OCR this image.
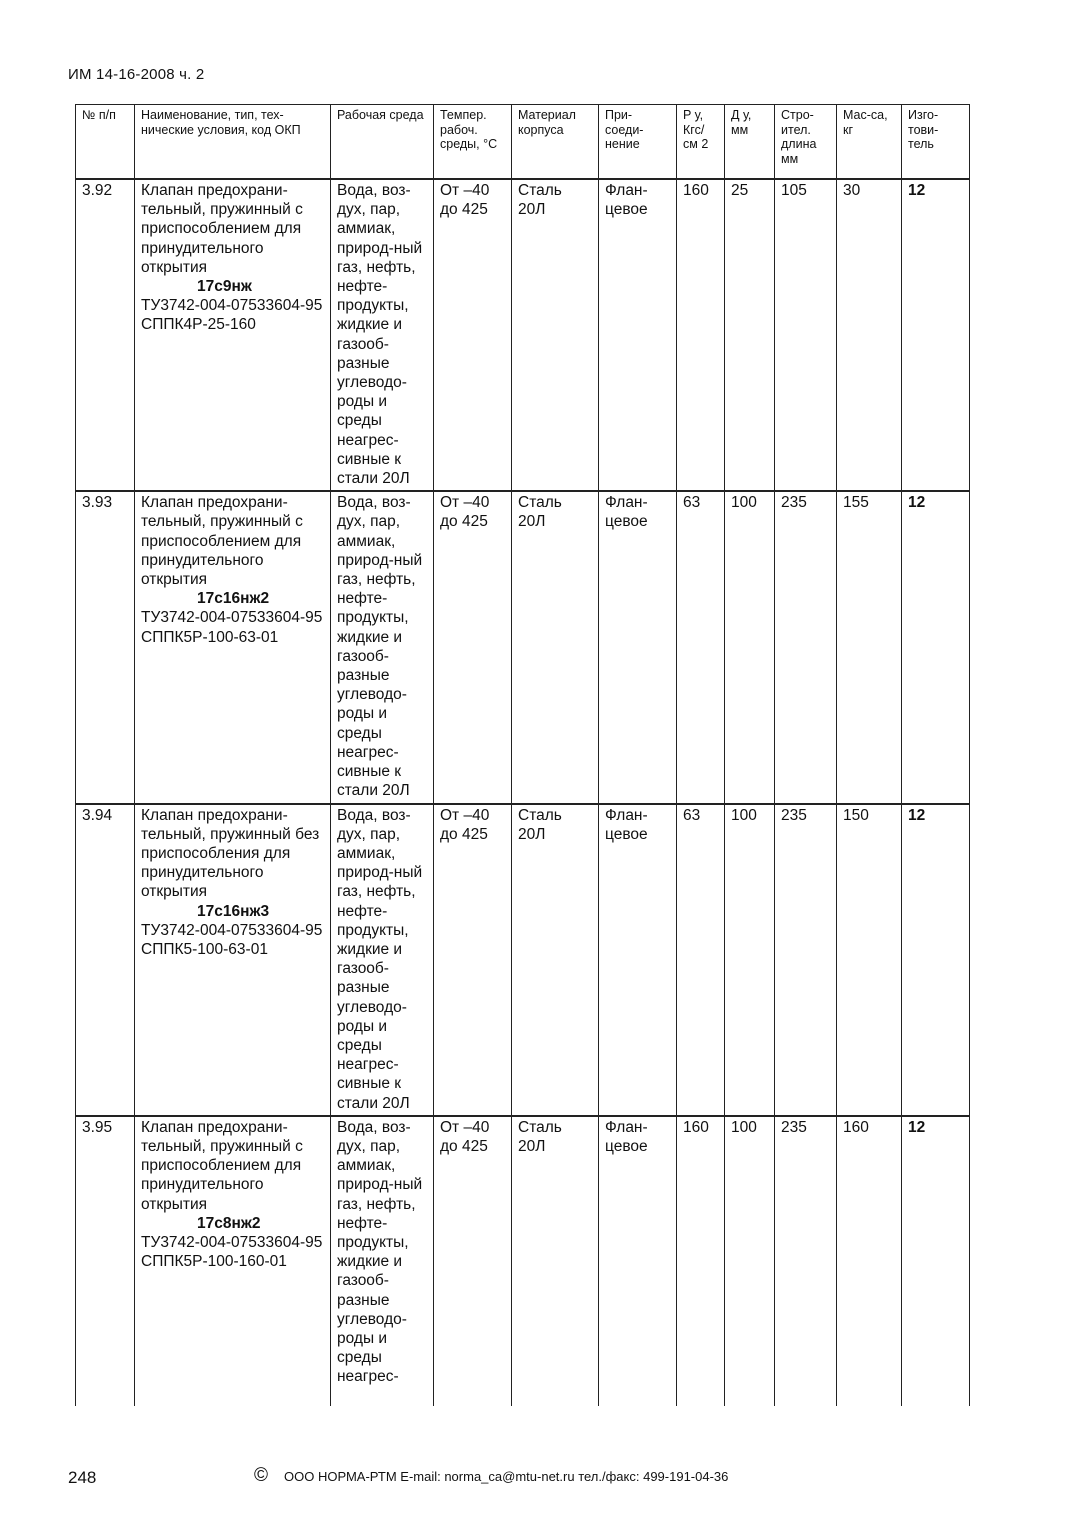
ИМ 14-16-2008 ч. 2
№ п/п	Наименование, тип, тех-нические условия, код ОКП	Рабочая среда	Темпер. рабоч. среды, °С	Материал корпуса	При-соеди-нение	P у, Кгс/ см 2	Д у, мм	Стро-ител. длина мм	Мас-са, кг	Изго-тови-тель
3.92	Клапан предохрани-тельный, пружинный с приспособлением для принудительного открытия
17с9нж
ТУ3742-004-07533604-95
СППК4Р-25-160	Вода, воз-дух, пар, аммиак, природ-ный газ, нефть, нефте-продукты, жидкие и газооб-разные углеводо-роды и среды неагрес-сивные к стали 20Л	От –40 до 425	Сталь 20Л	Флан-цевое	160	25	105	30	12
3.93	Клапан предохрани-тельный, пружинный с приспособлением для принудительного открытия
17с16нж2
ТУ3742-004-07533604-95
СППК5Р-100-63-01	Вода, воз-дух, пар, аммиак, природ-ный газ, нефть, нефте-продукты, жидкие и газооб-разные углеводо-роды и среды неагрес-сивные к стали 20Л	От –40 до 425	Сталь 20Л	Флан-цевое	63	100	235	155	12
3.94	Клапан предохрани-тельный, пружинный без приспособления для принудительного открытия
17с16нж3
ТУ3742-004-07533604-95
СППК5-100-63-01	Вода, воз-дух, пар, аммиак, природ-ный газ, нефть, нефте-продукты, жидкие и газооб-разные углеводо-роды и среды неагрес-сивные к стали 20Л	От –40 до 425	Сталь 20Л	Флан-цевое	63	100	235	150	12
3.95	Клапан предохрани-тельный, пружинный с приспособлением для принудительного открытия
17с8нж2
ТУ3742-004-07533604-95
СППК5Р-100-160-01	Вода, воз-дух, пар, аммиак, природ-ный газ, нефть, нефте-продукты, жидкие и газооб-разные углеводо-роды и среды неагрес-	От –40 до 425	Сталь 20Л	Флан-цевое	160	100	235	160	12
248	© ООО НОРМА-РТМ E-mail: norma_ca@mtu-net.ru тел./факс: 499-191-04-36
